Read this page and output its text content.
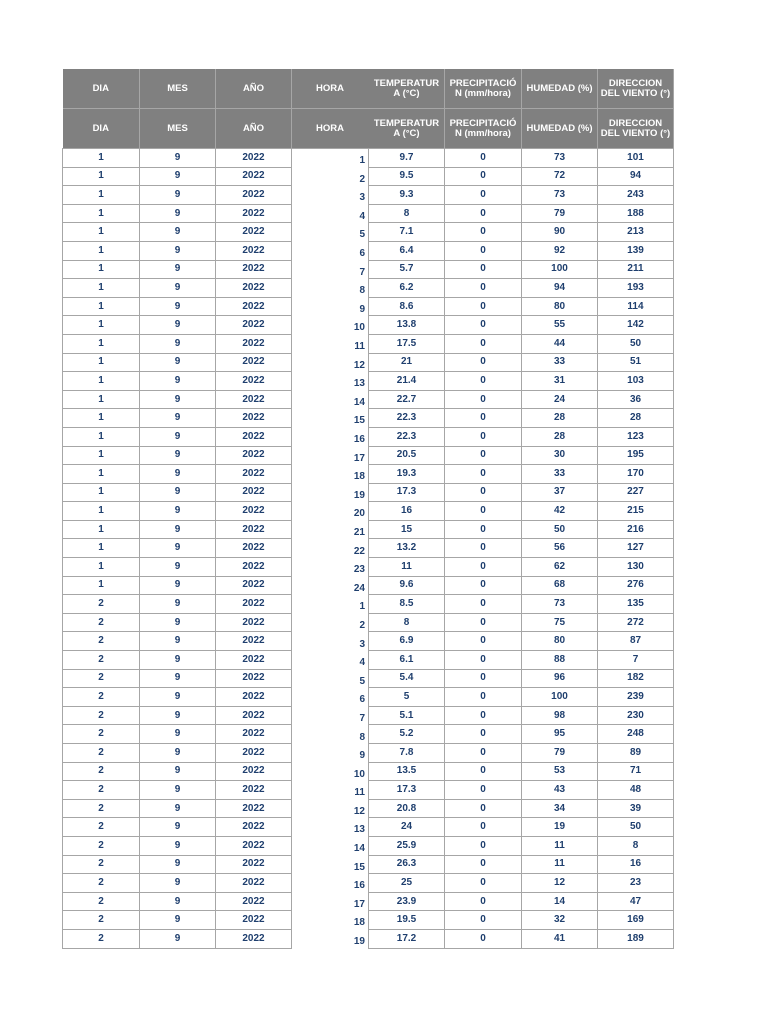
DIA	MES	AÑO	HORA	TEMPERATUR A (°C)	PRECIPITACIÓ N (mm/hora)	HUMEDAD (%)	DIRECCION DEL VIENTO (°)
DIA	MES	AÑO	HORA	TEMPERATUR A (°C)	PRECIPITACIÓ N (mm/hora)	HUMEDAD (%)	DIRECCION DEL VIENTO (°)
1	9	2022	1	9.7	0	73	101
1	9	2022	2	9.5	0	72	94
1	9	2022	3	9.3	0	73	243
1	9	2022	4	8	0	79	188
1	9	2022	5	7.1	0	90	213
1	9	2022	6	6.4	0	92	139
1	9	2022	7	5.7	0	100	211
1	9	2022	8	6.2	0	94	193
1	9	2022	9	8.6	0	80	114
1	9	2022	10	13.8	0	55	142
1	9	2022	11	17.5	0	44	50
1	9	2022	12	21	0	33	51
1	9	2022	13	21.4	0	31	103
1	9	2022	14	22.7	0	24	36
1	9	2022	15	22.3	0	28	28
1	9	2022	16	22.3	0	28	123
1	9	2022	17	20.5	0	30	195
1	9	2022	18	19.3	0	33	170
1	9	2022	19	17.3	0	37	227
1	9	2022	20	16	0	42	215
1	9	2022	21	15	0	50	216
1	9	2022	22	13.2	0	56	127
1	9	2022	23	11	0	62	130
1	9	2022	24	9.6	0	68	276
2	9	2022	1	8.5	0	73	135
2	9	2022	2	8	0	75	272
2	9	2022	3	6.9	0	80	87
2	9	2022	4	6.1	0	88	7
2	9	2022	5	5.4	0	96	182
2	9	2022	6	5	0	100	239
2	9	2022	7	5.1	0	98	230
2	9	2022	8	5.2	0	95	248
2	9	2022	9	7.8	0	79	89
2	9	2022	10	13.5	0	53	71
2	9	2022	11	17.3	0	43	48
2	9	2022	12	20.8	0	34	39
2	9	2022	13	24	0	19	50
2	9	2022	14	25.9	0	11	8
2	9	2022	15	26.3	0	11	16
2	9	2022	16	25	0	12	23
2	9	2022	17	23.9	0	14	47
2	9	2022	18	19.5	0	32	169
2	9	2022	19	17.2	0	41	189
